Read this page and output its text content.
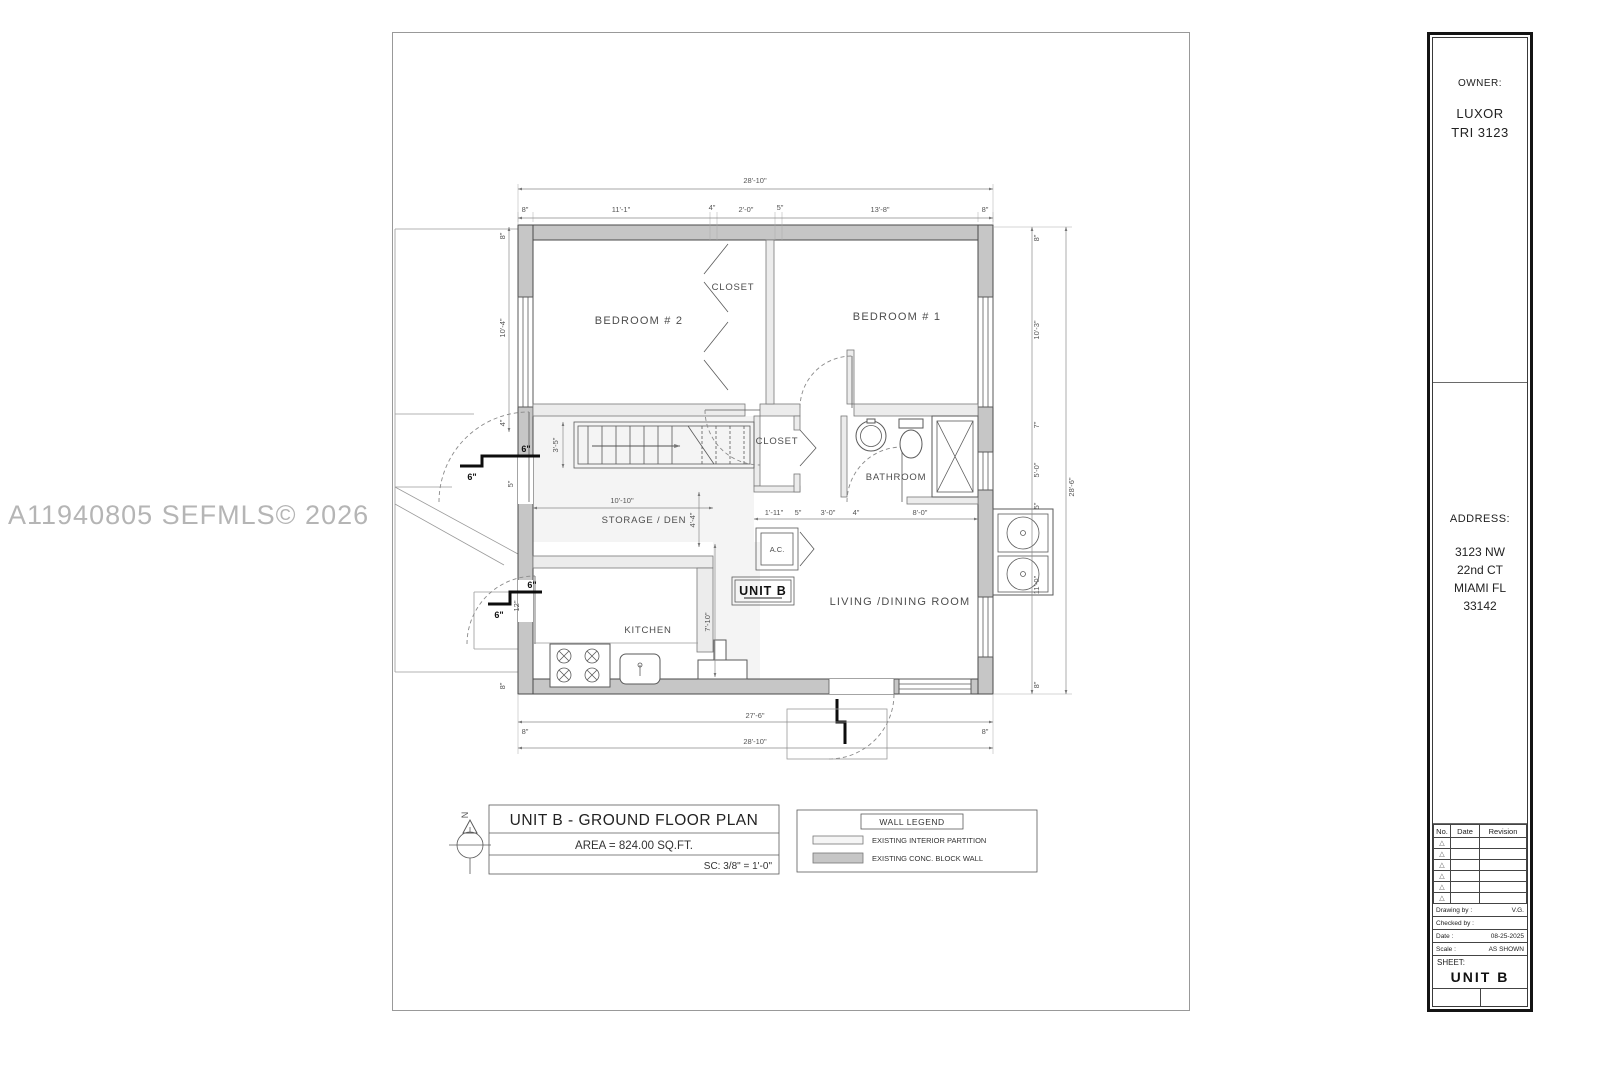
A11940805 SEFMLS© 2026
BEDROOM # 2	BEDROOM # 1
CLOSET
CLOSET
BATHROOM
STORAGE / DEN
KITCHEN
LIVING /DINING ROOM
UNIT B
A.C.
28'-10"
8"	11'-1"	4"	2'-0"	5"	13'-8"	8"
8"
10'-4"
4"
5"
8"
8"
10'-3"
7"
5'-0"
5"
11'-0"
8"
28'-6"
8"
27'-6"
8"
28'-10"
3'-5"
10'-10"
4'-4"
1'-11" 5"	3'-0" 4"	8'-0"
7'-10"
6"
6"
6"
6"
12"
N	UNIT B - GROUND FLOOR PLAN
AREA = 824.00 SQ.FT.
SC: 3/8" = 1'-0"
WALL LEGEND
EXISTING INTERIOR PARTITION
EXISTING CONC. BLOCK WALL
OWNER:
LUXOR
TRI 3123
ADDRESS:
3123 NW
22nd CT
MIAMI FL
33142
No.	Date	Revision
△		
△		
△		
△		
△		
△		
Drawing by :	V.G.
Checked by :
Date :	08-25-2025
Scale :	AS SHOWN
SHEET:
UNIT B
